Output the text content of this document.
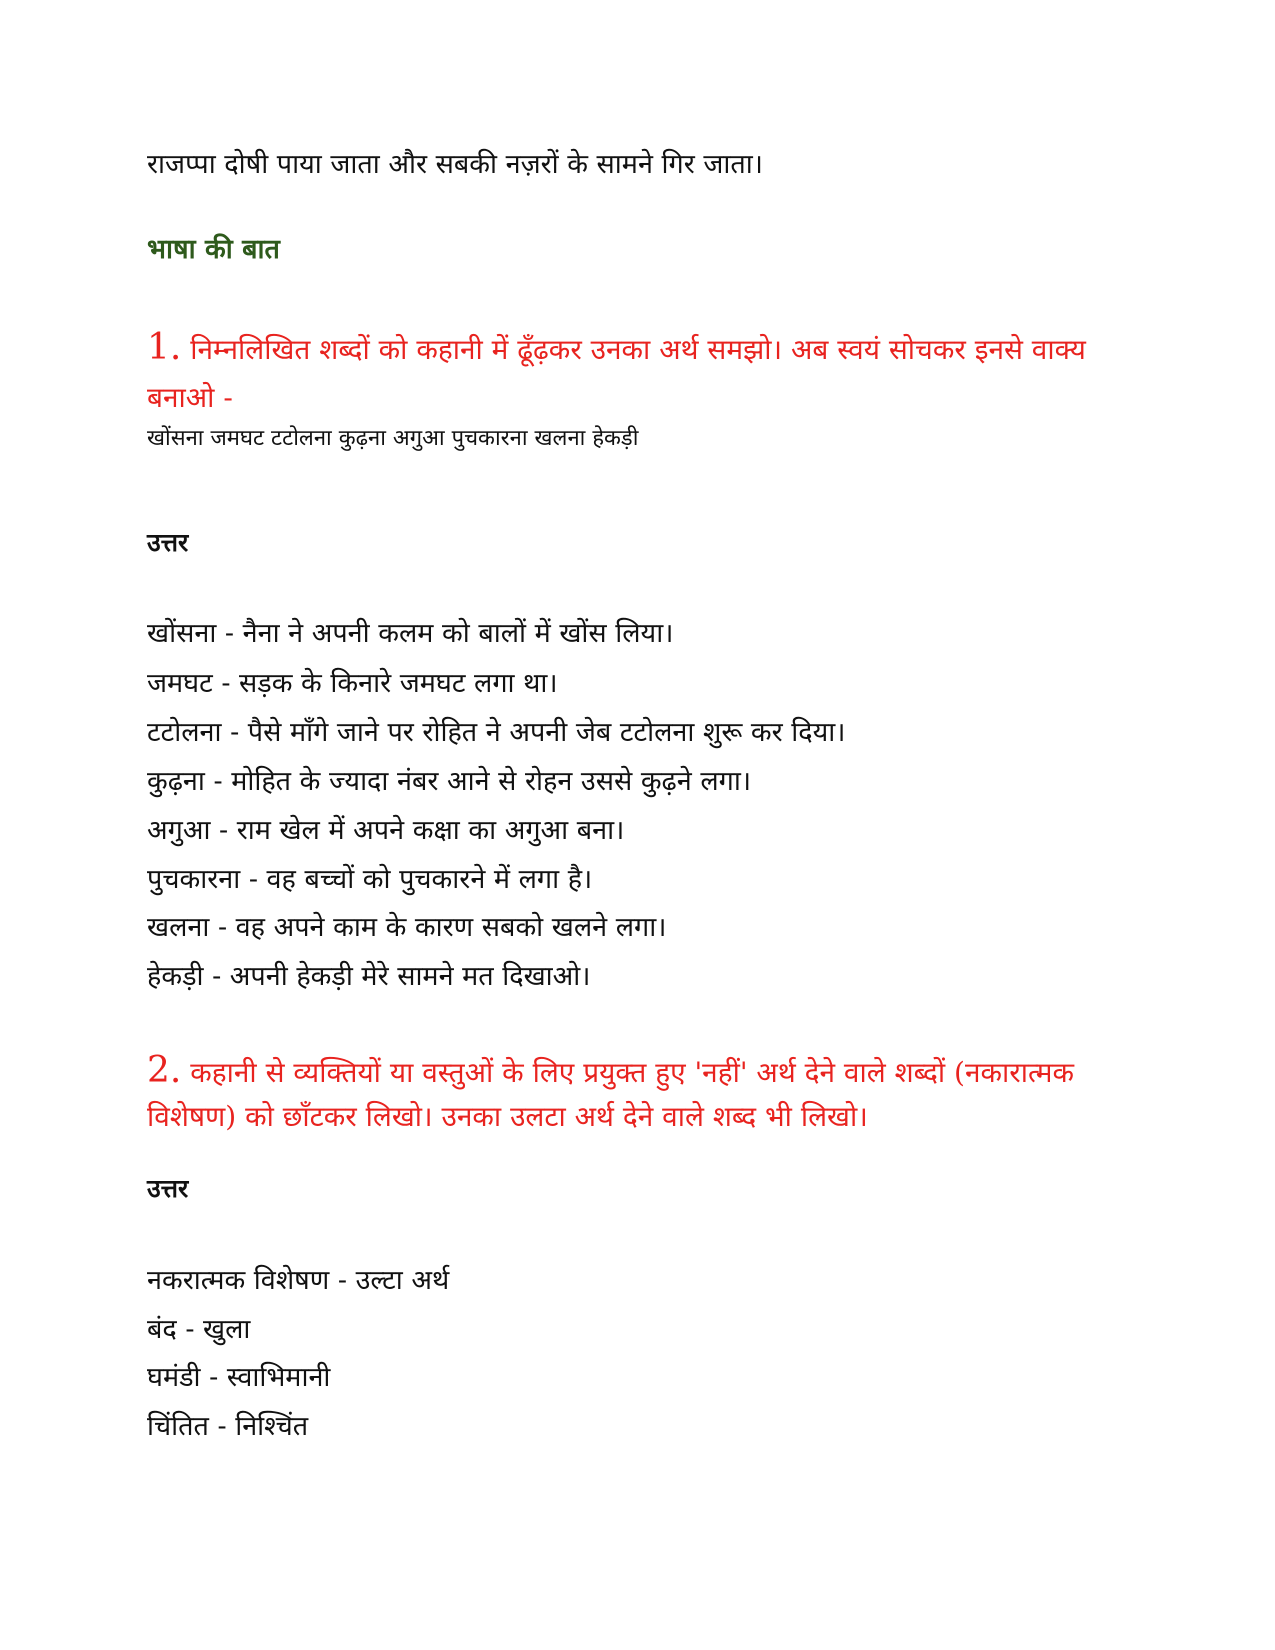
राजप्पा दोषी पाया जाता और सबकी नज़रों के सामने गिर जाता।
भाषा की बात
1. निम्नलिखित शब्दों को कहानी में ढूँढ़कर उनका अर्थ समझो। अब स्वयं सोचकर इनसे वाक्य
बनाओ -
खोंसना जमघट टटोलना कुढ़ना अगुआ पुचकारना खलना हेकड़ी
उत्तर
खोंसना - नैना ने अपनी कलम को बालों में खोंस लिया।
जमघट - सड़क के किनारे जमघट लगा था।
टटोलना - पैसे माँगे जाने पर रोहित ने अपनी जेब टटोलना शुरू कर दिया।
कुढ़ना - मोहित के ज्यादा नंबर आने से रोहन उससे कुढ़ने लगा।
अगुआ - राम खेल में अपने कक्षा का अगुआ बना।
पुचकारना - वह बच्चों को पुचकारने में लगा है।
खलना - वह अपने काम के कारण सबको खलने लगा।
हेकड़ी - अपनी हेकड़ी मेरे सामने मत दिखाओ।
2. कहानी से व्यक्तियों या वस्तुओं के लिए प्रयुक्त हुए 'नहीं' अर्थ देने वाले शब्दों (नकारात्मक
विशेषण) को छाँटकर लिखो। उनका उलटा अर्थ देने वाले शब्द भी लिखो।
उत्तर
नकरात्मक विशेषण - उल्टा अर्थ
बंद - खुला
घमंडी - स्वाभिमानी
चिंतित - निश्चिंत
